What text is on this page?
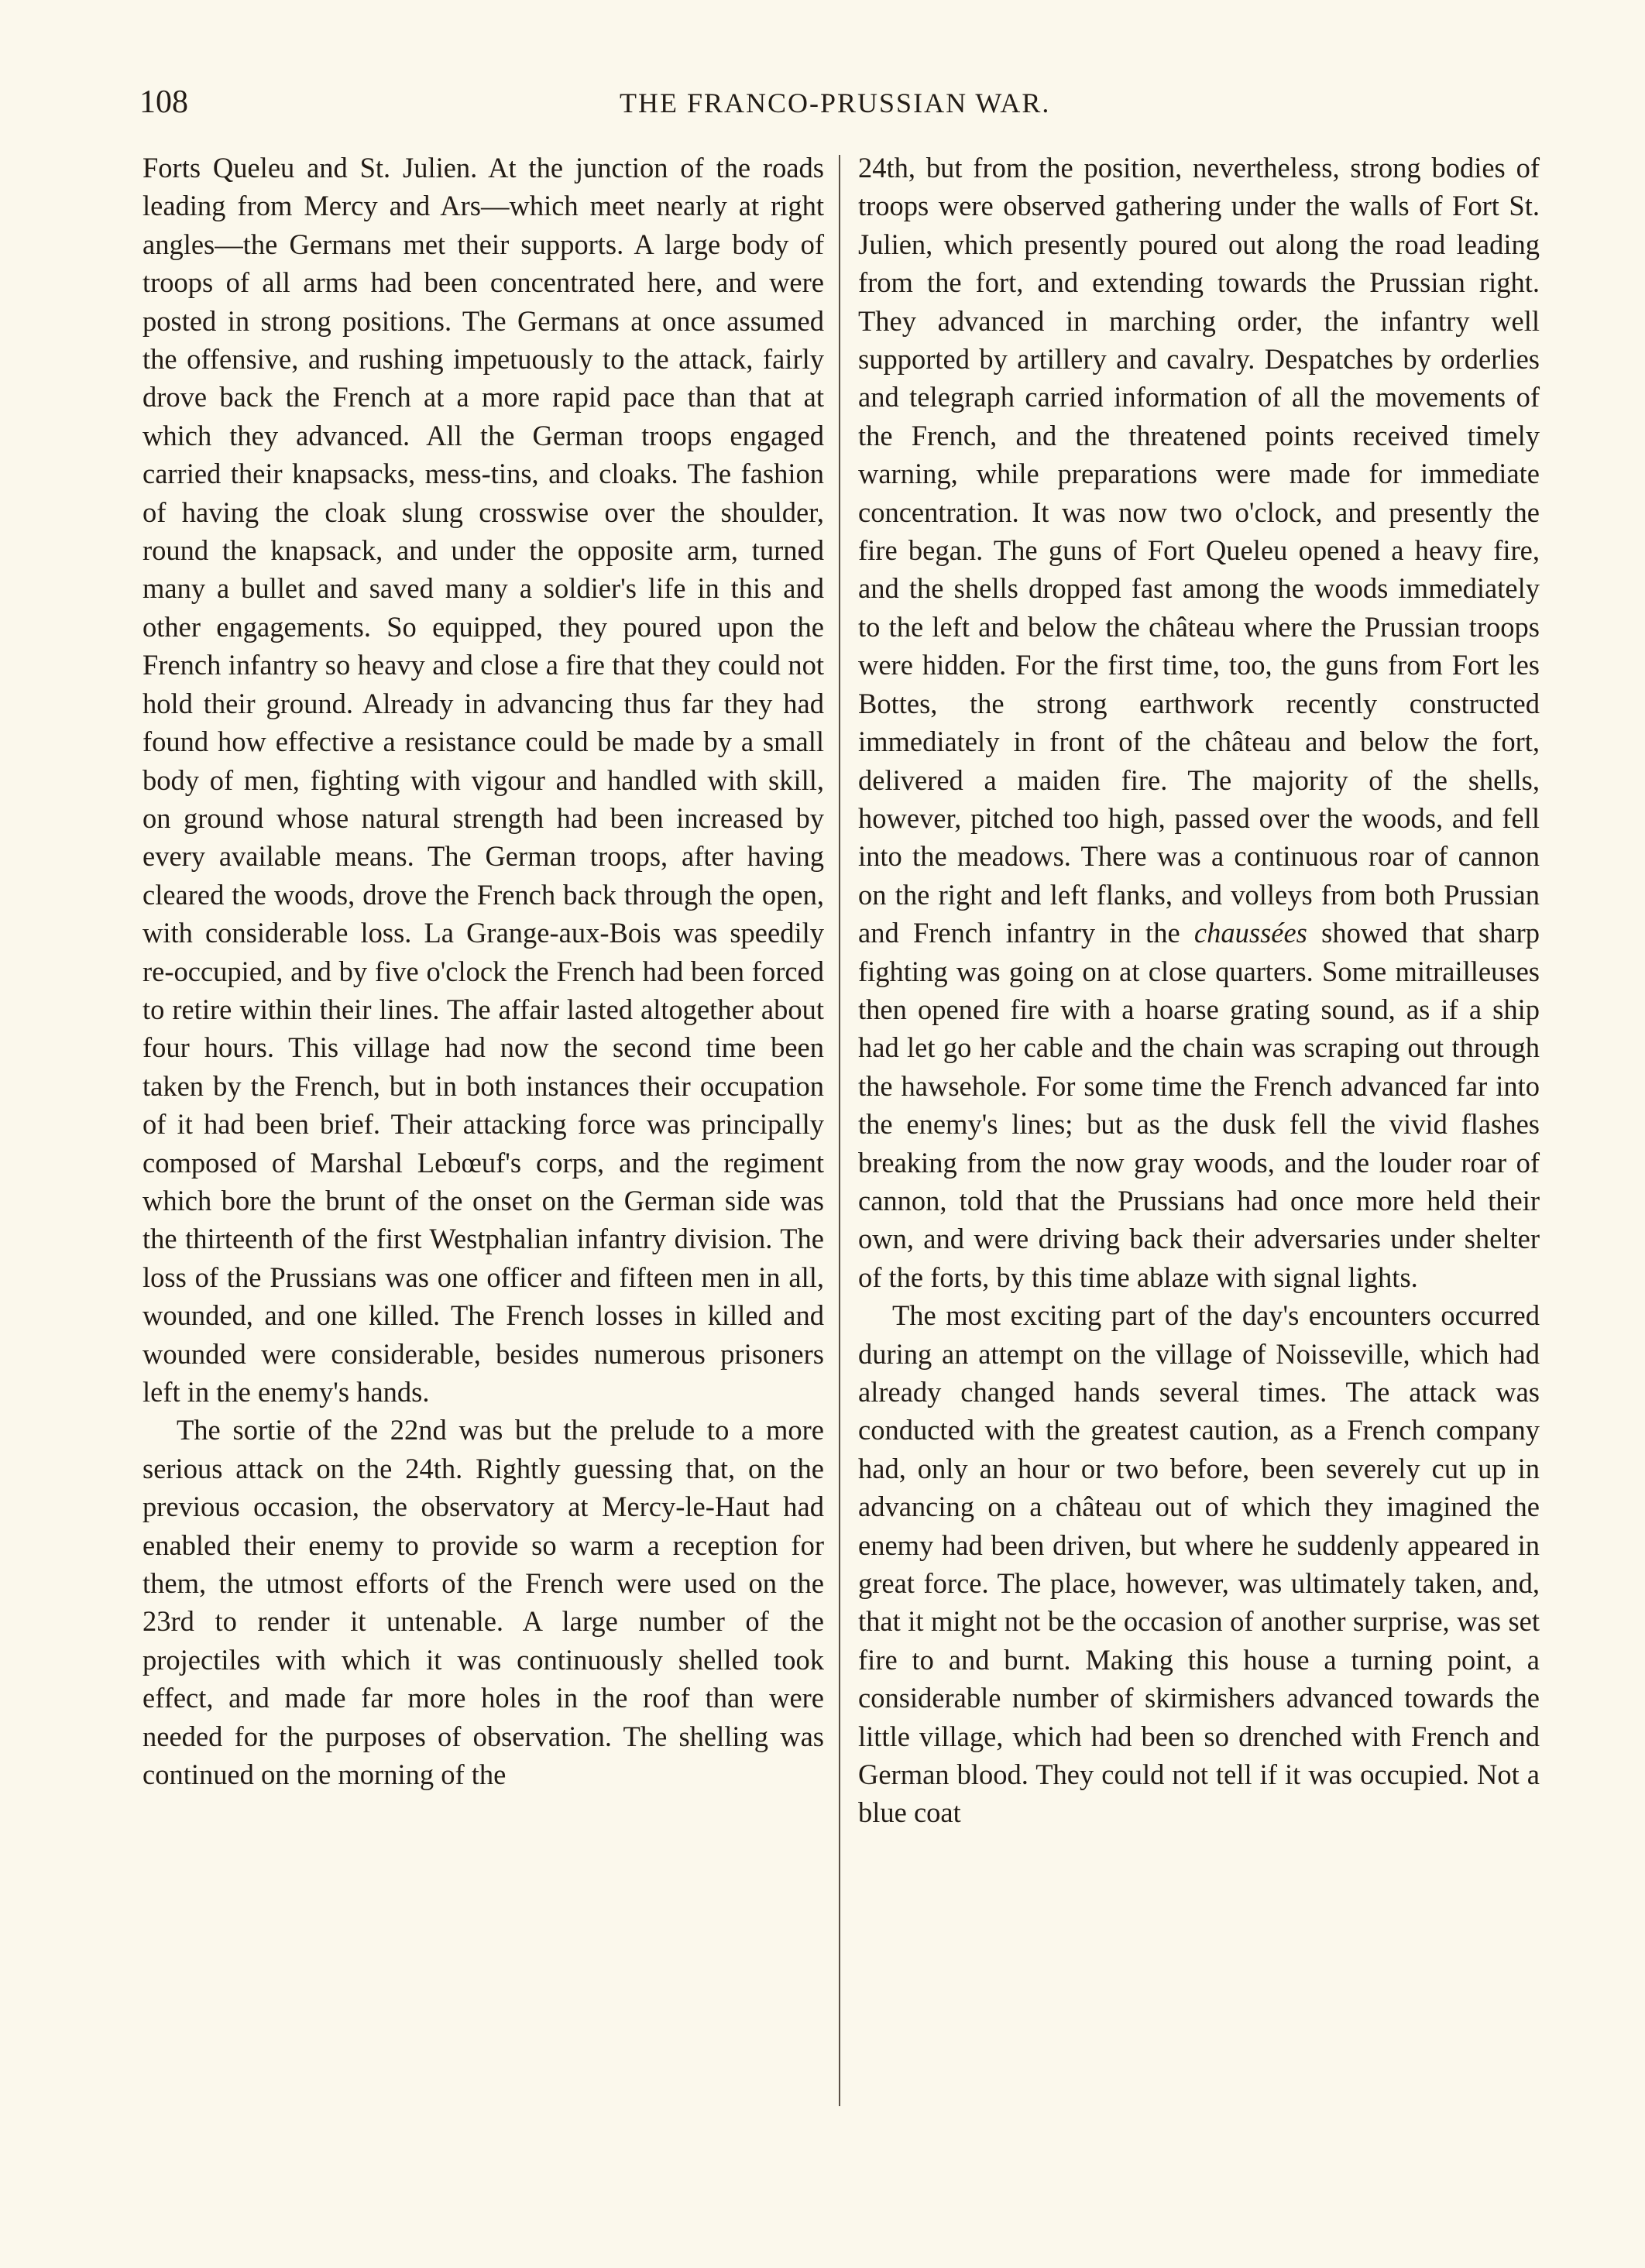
108	THE FRANCO-PRUSSIAN WAR.

Forts Queleu and St. Julien. At the junction of the roads leading from Mercy and Ars—which meet nearly at right angles—the Germans met their supports. A large body of troops of all arms had been concentrated here, and were posted in strong positions. The Germans at once assumed the offensive, and rushing impetuously to the attack, fairly drove back the French at a more rapid pace than that at which they advanced. All the German troops engaged carried their knapsacks, mess-tins, and cloaks. The fashion of having the cloak slung crosswise over the shoulder, round the knapsack, and under the opposite arm, turned many a bullet and saved many a soldier's life in this and other engagements. So equipped, they poured upon the French infantry so heavy and close a fire that they could not hold their ground. Already in advancing thus far they had found how effective a resistance could be made by a small body of men, fighting with vigour and handled with skill, on ground whose natural strength had been increased by every available means. The German troops, after having cleared the woods, drove the French back through the open, with considerable loss. La Grange-aux-Bois was speedily re-occupied, and by five o'clock the French had been forced to retire within their lines. The affair lasted altogether about four hours. This village had now the second time been taken by the French, but in both instances their occupation of it had been brief. Their attacking force was principally composed of Marshal Lebœuf's corps, and the regiment which bore the brunt of the onset on the German side was the thirteenth of the first Westphalian infantry division. The loss of the Prussians was one officer and fifteen men in all, wounded, and one killed. The French losses in killed and wounded were considerable, besides numerous prisoners left in the enemy's hands.

The sortie of the 22nd was but the prelude to a more serious attack on the 24th. Rightly guessing that, on the previous occasion, the observatory at Mercy-le-Haut had enabled their enemy to provide so warm a reception for them, the utmost efforts of the French were used on the 23rd to render it untenable. A large number of the projectiles with which it was continuously shelled took effect, and made far more holes in the roof than were needed for the purposes of observation. The shelling was continued on the morning of the

24th, but from the position, nevertheless, strong bodies of troops were observed gathering under the walls of Fort St. Julien, which presently poured out along the road leading from the fort, and extending towards the Prussian right. They advanced in marching order, the infantry well supported by artillery and cavalry. Despatches by orderlies and telegraph carried information of all the movements of the French, and the threatened points received timely warning, while preparations were made for immediate concentration. It was now two o'clock, and presently the fire began. The guns of Fort Queleu opened a heavy fire, and the shells dropped fast among the woods immediately to the left and below the château where the Prussian troops were hidden. For the first time, too, the guns from Fort les Bottes, the strong earthwork recently constructed immediately in front of the château and below the fort, delivered a maiden fire. The majority of the shells, however, pitched too high, passed over the woods, and fell into the meadows. There was a continuous roar of cannon on the right and left flanks, and volleys from both Prussian and French infantry in the chaussées showed that sharp fighting was going on at close quarters. Some mitrailleuses then opened fire with a hoarse grating sound, as if a ship had let go her cable and the chain was scraping out through the hawsehole. For some time the French advanced far into the enemy's lines; but as the dusk fell the vivid flashes breaking from the now gray woods, and the louder roar of cannon, told that the Prussians had once more held their own, and were driving back their adversaries under shelter of the forts, by this time ablaze with signal lights.

The most exciting part of the day's encounters occurred during an attempt on the village of Noisseville, which had already changed hands several times. The attack was conducted with the greatest caution, as a French company had, only an hour or two before, been severely cut up in advancing on a château out of which they imagined the enemy had been driven, but where he suddenly appeared in great force. The place, however, was ultimately taken, and, that it might not be the occasion of another surprise, was set fire to and burnt. Making this house a turning point, a considerable number of skirmishers advanced towards the little village, which had been so drenched with French and German blood. They could not tell if it was occupied. Not a blue coat
